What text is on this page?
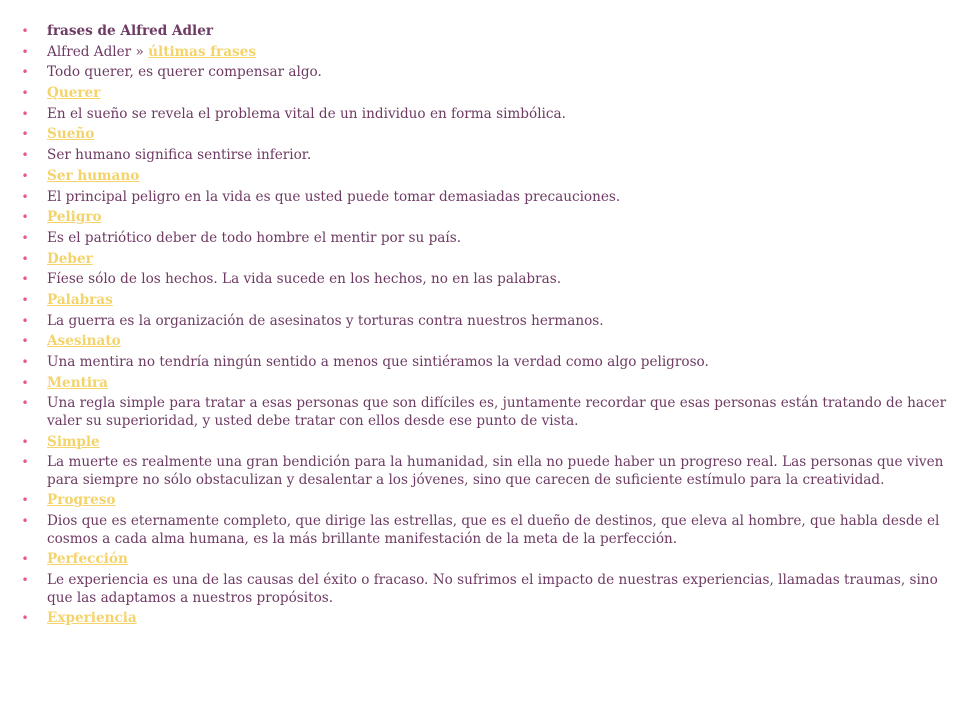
• frases de Alfred Adler
• Alfred Adler » últimas frases
• Todo querer, es querer compensar algo.
• Querer
• En el sueño se revela el problema vital de un individuo en forma simbólica.
• Sueño
• Ser humano significa sentirse inferior.
• Ser humano
• El principal peligro en la vida es que usted puede tomar demasiadas precauciones.
• Peligro
• Es el patriótico deber de todo hombre el mentir por su país.
• Deber
• Fíese sólo de los hechos. La vida sucede en los hechos, no en las palabras.
• Palabras
• La guerra es la organización de asesinatos y torturas contra nuestros hermanos.
• Asesinato
• Una mentira no tendría ningún sentido a menos que sintiéramos la verdad como algo peligroso.
• Mentira
• Una regla simple para tratar a esas personas que son difíciles es, juntamente recordar que esas personas están tratando de hacer valer su superioridad, y usted debe tratar con ellos desde ese punto de vista.
• Simple
• La muerte es realmente una gran bendición para la humanidad, sin ella no puede haber un progreso real. Las personas que viven para siempre no sólo obstaculizan y desalentar a los jóvenes, sino que carecen de suficiente estímulo para la creatividad.
• Progreso
• Dios que es eternamente completo, que dirige las estrellas, que es el dueño de destinos, que eleva al hombre, que habla desde el cosmos a cada alma humana, es la más brillante manifestación de la meta de la perfección.
• Perfección
• Le experiencia es una de las causas del éxito o fracaso. No sufrimos el impacto de nuestras experiencias, llamadas traumas, sino que las adaptamos a nuestros propósitos.
• Experiencia
